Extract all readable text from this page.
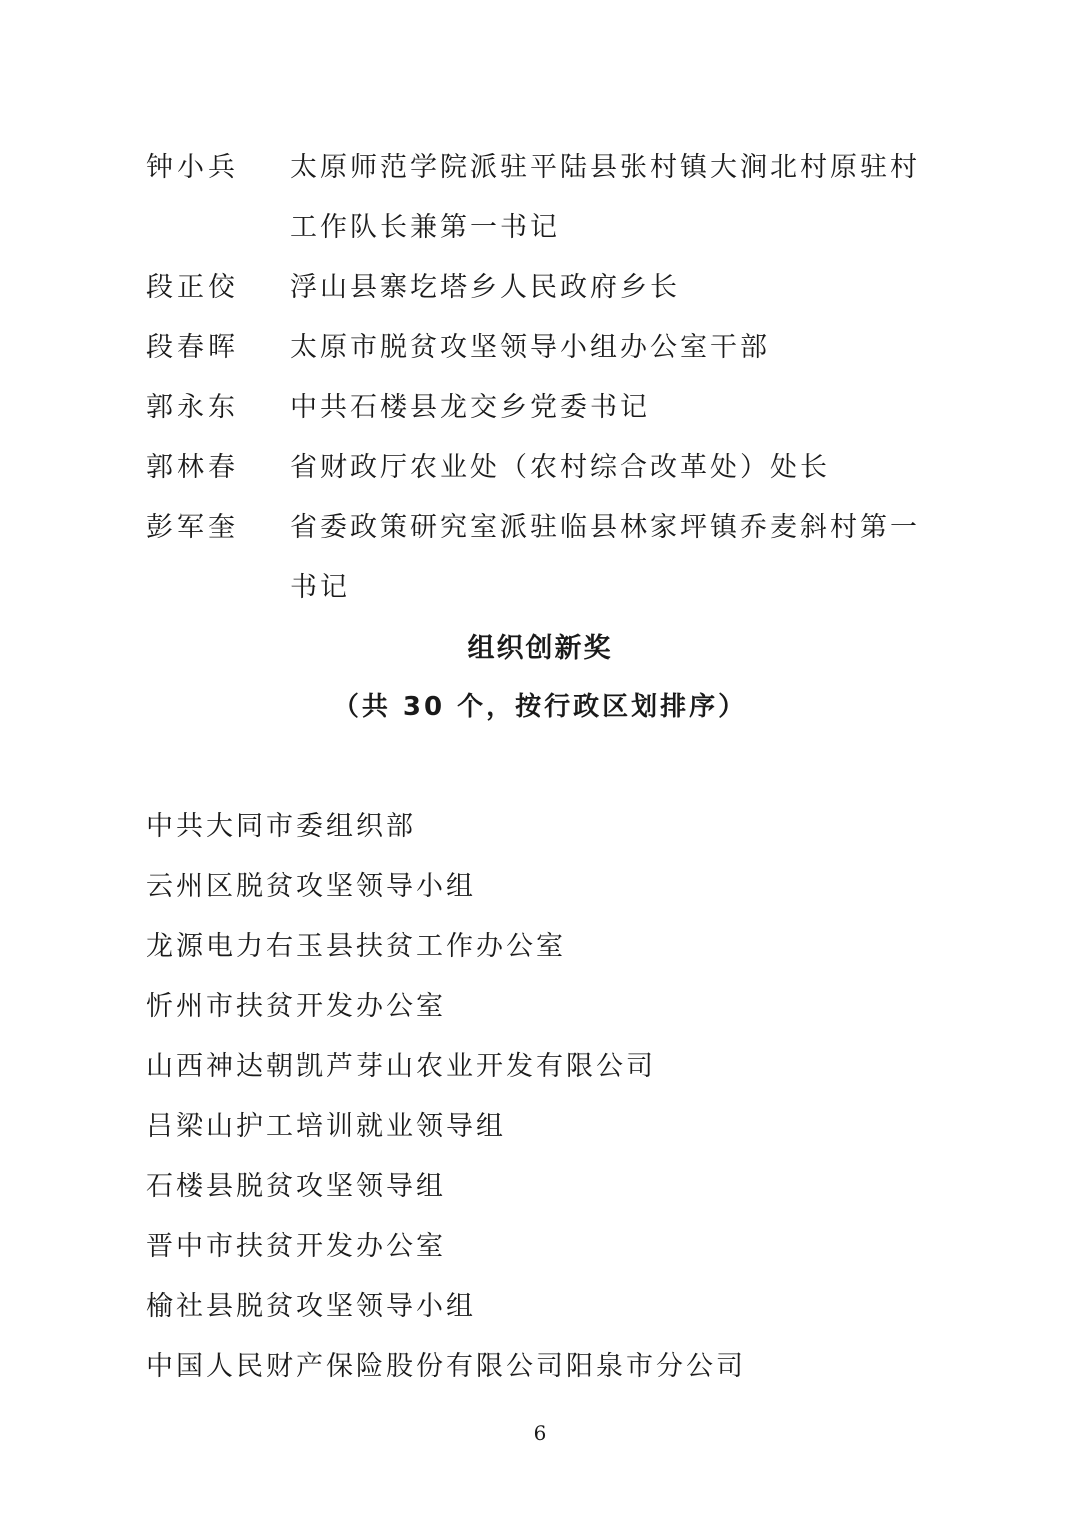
钟小兵	太原师范学院派驻平陆县张村镇大涧北村原驻村工作队长兼第一书记
段正佼	浮山县寨圪塔乡人民政府乡长
段春晖	太原市脱贫攻坚领导小组办公室干部
郭永东	中共石楼县龙交乡党委书记
郭林春	省财政厅农业处（农村综合改革处）处长
彭军奎	省委政策研究室派驻临县林家坪镇乔麦斜村第一书记
组织创新奖
（共 30 个，按行政区划排序）
中共大同市委组织部
云州区脱贫攻坚领导小组
龙源电力右玉县扶贫工作办公室
忻州市扶贫开发办公室
山西神达朝凯芦芽山农业开发有限公司
吕梁山护工培训就业领导组
石楼县脱贫攻坚领导组
晋中市扶贫开发办公室
榆社县脱贫攻坚领导小组
中国人民财产保险股份有限公司阳泉市分公司
6
